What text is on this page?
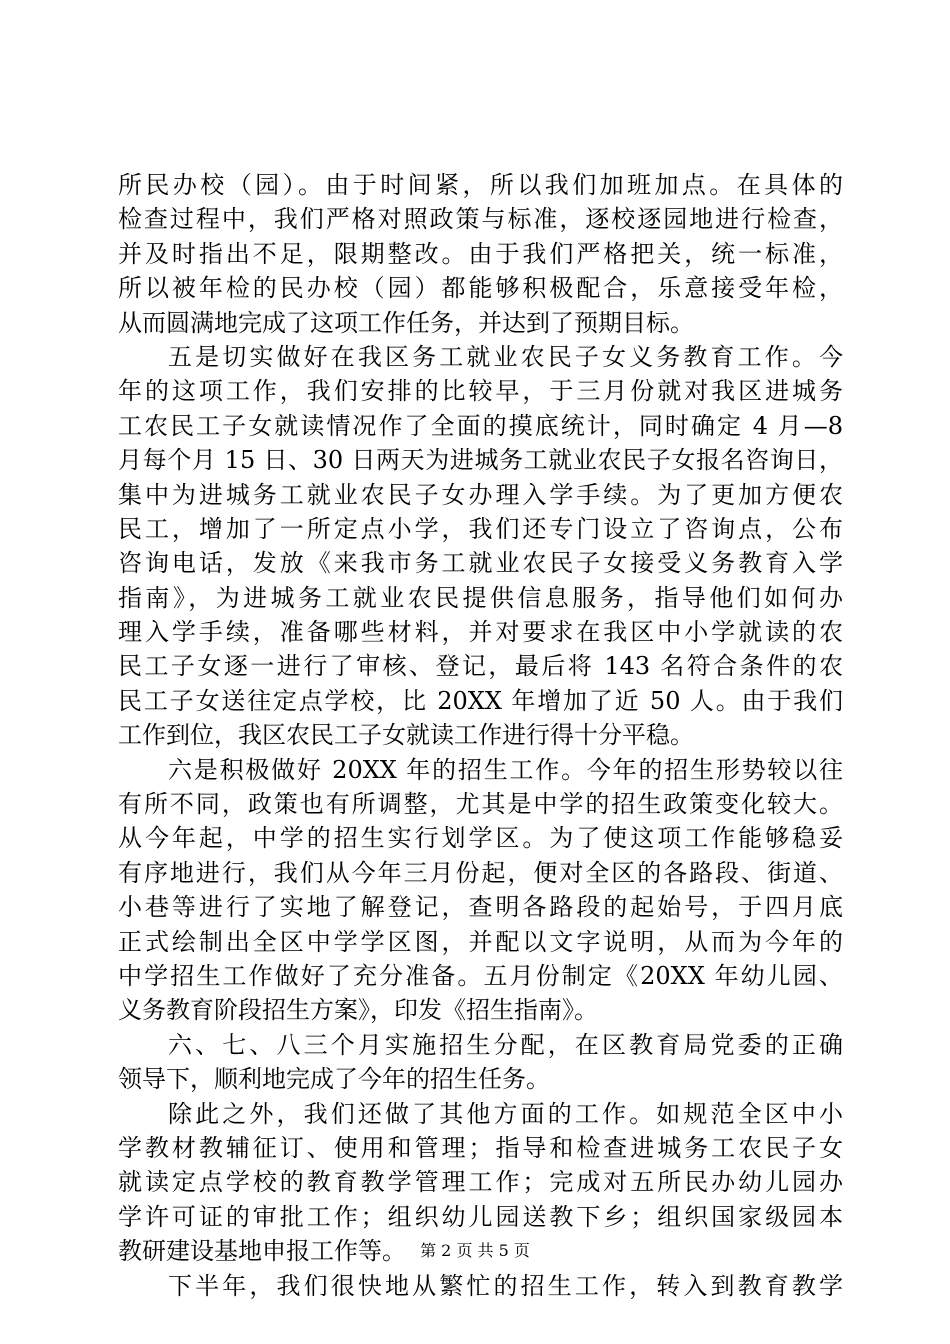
所民办校（园）。由于时间紧，所以我们加班加点。在具体的
检查过程中，我们严格对照政策与标准，逐校逐园地进行检查，
并及时指出不足，限期整改。由于我们严格把关，统一标准，
所以被年检的民办校（园）都能够积极配合，乐意接受年检，
从而圆满地完成了这项工作任务，并达到了预期目标。
五是切实做好在我区务工就业农民子女义务教育工作。今
年的这项工作，我们安排的比较早，于三月份就对我区进城务
工农民工子女就读情况作了全面的摸底统计，同时确定 4 月—8
月每个月 15 日、30 日两天为进城务工就业农民子女报名咨询日，
集中为进城务工就业农民子女办理入学手续。为了更加方便农
民工，增加了一所定点小学，我们还专门设立了咨询点，公布
咨询电话，发放《来我市务工就业农民子女接受义务教育入学
指南》，为进城务工就业农民提供信息服务，指导他们如何办
理入学手续，准备哪些材料，并对要求在我区中小学就读的农
民工子女逐一进行了审核、登记，最后将 143 名符合条件的农
民工子女送往定点学校，比 20XX 年增加了近 50 人。由于我们
工作到位，我区农民工子女就读工作进行得十分平稳。
六是积极做好 20XX 年的招生工作。今年的招生形势较以往
有所不同，政策也有所调整，尤其是中学的招生政策变化较大。
从今年起，中学的招生实行划学区。为了使这项工作能够稳妥
有序地进行，我们从今年三月份起，便对全区的各路段、街道、
小巷等进行了实地了解登记，查明各路段的起始号，于四月底
正式绘制出全区中学学区图，并配以文字说明，从而为今年的
中学招生工作做好了充分准备。五月份制定《20XX 年幼儿园、
义务教育阶段招生方案》，印发《招生指南》。
六、七、八三个月实施招生分配，在区教育局党委的正确
领导下，顺利地完成了今年的招生任务。
除此之外，我们还做了其他方面的工作。如规范全区中小
学教材教辅征订、使用和管理；指导和检查进城务工农民子女
就读定点学校的教育教学管理工作；完成对五所民办幼儿园办
学许可证的审批工作；组织幼儿园送教下乡；组织国家级园本
教研建设基地申报工作等。
下半年，我们很快地从繁忙的招生工作，转入到教育教学
第 2 页 共 5 页
